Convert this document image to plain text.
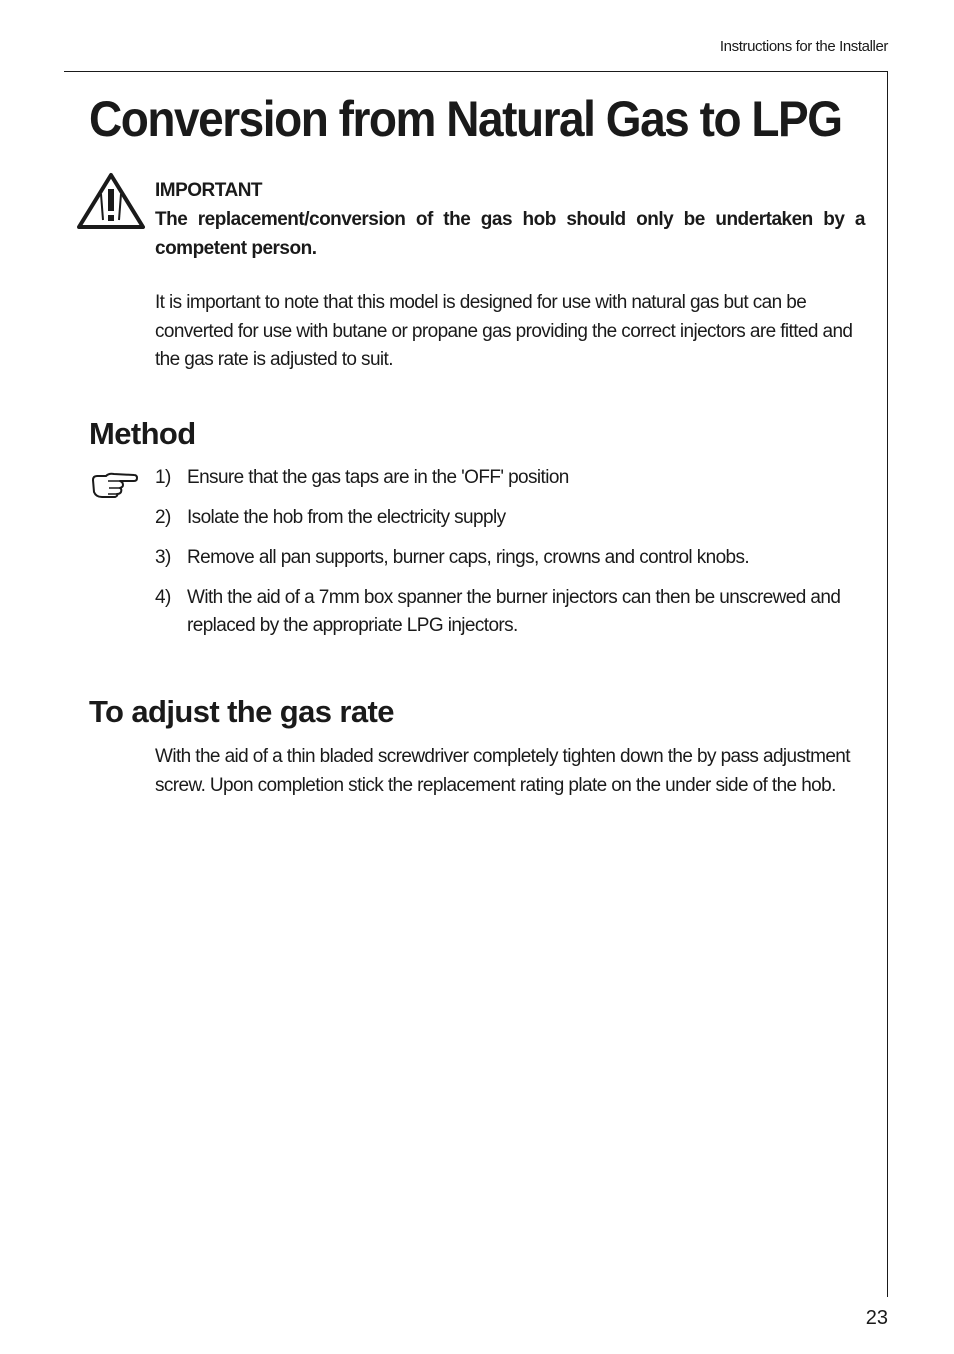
Instructions for the Installer
Conversion from Natural Gas to LPG
IMPORTANT
The replacement/conversion of the gas hob should only be undertaken by a competent person.

It is important to note that this model is designed for use with natural gas but can be converted for use with butane or propane gas providing the correct injectors are fitted and the gas rate is adjusted to suit.

Method
1) Ensure that the gas taps are in the 'OFF' position
2) Isolate the hob from the electricity supply
3) Remove all pan supports, burner caps, rings, crowns and control knobs.
4) With the aid of a 7mm box spanner the burner injectors can then be unscrewed and replaced by the appropriate LPG injectors.
To adjust the gas rate

With the aid of a thin bladed screwdriver completely tighten down the by pass adjustment screw. Upon completion stick the replacement rating plate on the under side of the hob.

23
